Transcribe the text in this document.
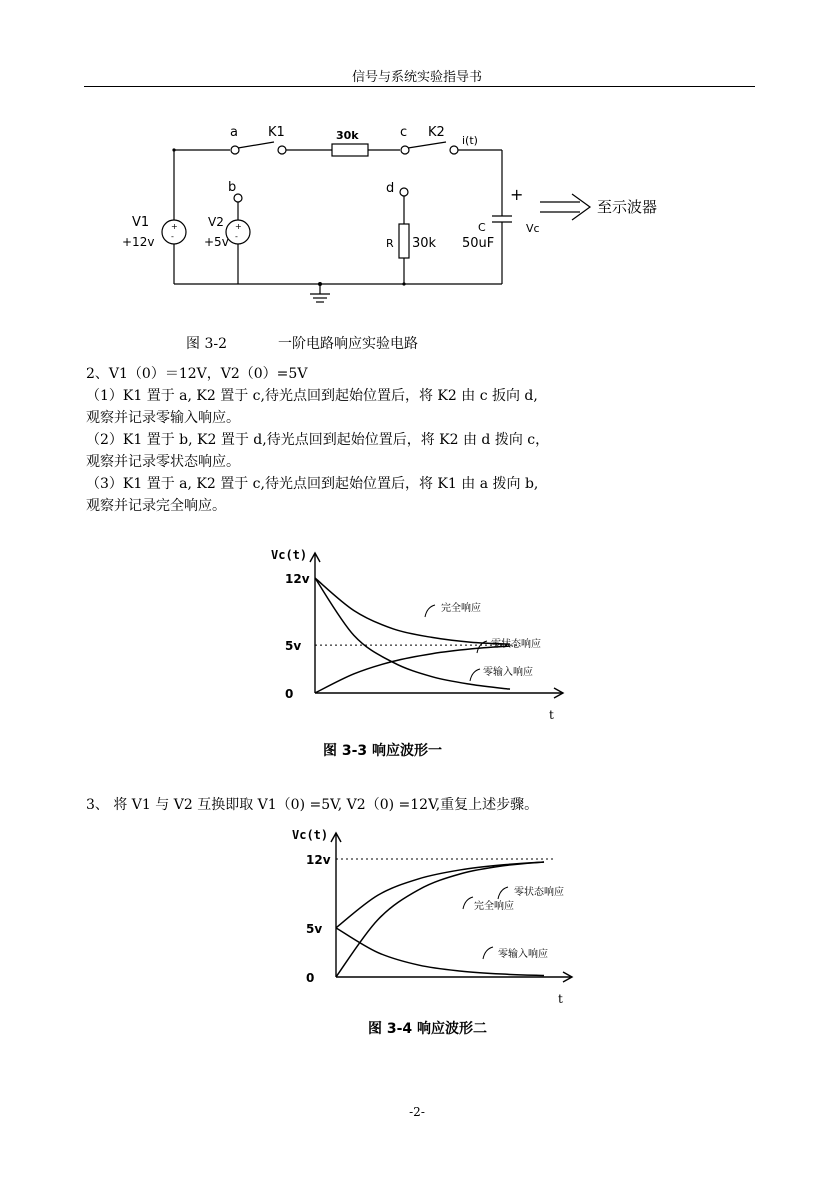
信号与系统实验指导书
+
-
+
-
a K1	30k	c K2
i(t)
b	d	+
至示波器
V1
+12v
V2
+5v	R 30k
C
50uF
Vc
图 3-2	一阶电路响应实验电路
2、V1（0）＝12V，V2（0）=5V
（1）K1 置于 a, K2 置于 c,待光点回到起始位置后，将 K2 由 c 扳向 d,
观察并记录零输入响应。
（2）K1 置于 b, K2 置于 d,待光点回到起始位置后，将 K2 由 d 拨向 c，
观察并记录零状态响应。
（3）K1 置于 a, K2 置于 c,待光点回到起始位置后，将 K1 由 a 拨向 b,
观察并记录完全响应。
Vc(t)
t
12v
5v
0
完全响应
零状态响应
零输入响应
图 3-3 响应波形一
3、 将 V1 与 V2 互换即取 V1（0) =5V, V2（0) =12V,重复上述步骤。
Vc(t)
t
12v
5v
0
零状态响应
完全响应
零输入响应
图 3-4 响应波形二
-2-
